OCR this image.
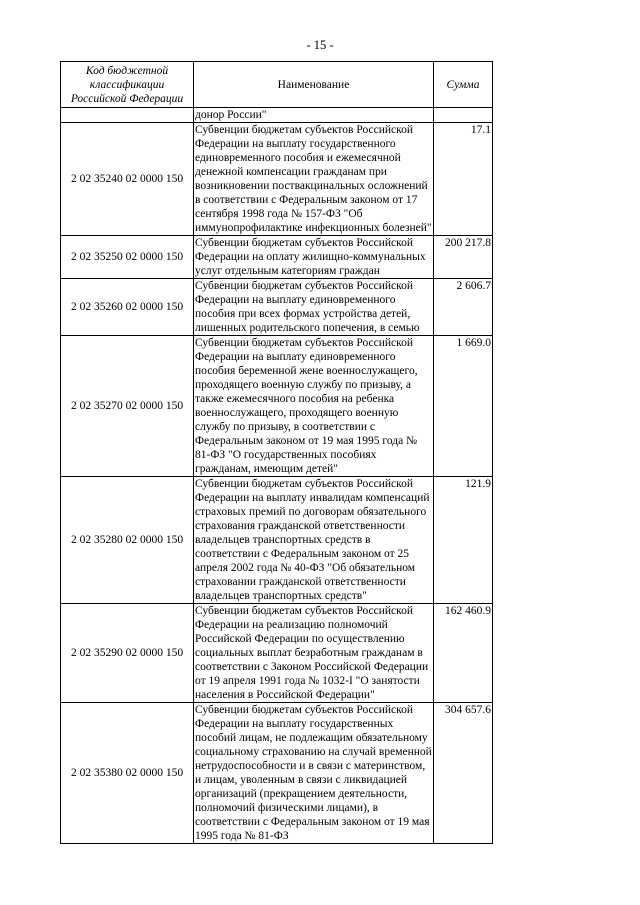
- 15 -
Код бюджетной классификации Российской Федерации	Наименование	Сумма
	донор России"	
2 02 35240 02 0000 150	Субвенции бюджетам субъектов Российской Федерации на выплату государственного единовременного пособия и ежемесячной денежной компенсации гражданам при возникновении поствакцинальных осложнений в соответствии с Федеральным законом от 17 сентября 1998 года № 157-ФЗ "Об иммунопрофилактике инфекционных болезней"	17.1
2 02 35250 02 0000 150	Субвенции бюджетам субъектов Российской Федерации на оплату жилищно-коммунальных услуг отдельным категориям граждан	200 217.8
2 02 35260 02 0000 150	Субвенции бюджетам субъектов Российской Федерации на выплату единовременного пособия при всех формах устройства детей, лишенных родительского попечения, в семью	2 606.7
2 02 35270 02 0000 150	Субвенции бюджетам субъектов Российской Федерации на выплату единовременного пособия беременной жене военнослужащего, проходящего военную службу по призыву, а также ежемесячного пособия на ребенка военнослужащего, проходящего военную службу по призыву, в соответствии с Федеральным законом от 19 мая 1995 года № 81-ФЗ "О государственных пособиях гражданам, имеющим детей"	1 669.0
2 02 35280 02 0000 150	Субвенции бюджетам субъектов Российской Федерации на выплату инвалидам компенсаций страховых премий по договорам обязательного страхования гражданской ответственности владельцев транспортных средств в соответствии с Федеральным законом от 25 апреля 2002 года № 40-ФЗ "Об обязательном страховании гражданской ответственности владельцев транспортных средств"	121.9
2 02 35290 02 0000 150	Субвенции бюджетам субъектов Российской Федерации на реализацию полномочий Российской Федерации по осуществлению социальных выплат безработным гражданам в соответствии с Законом Российской Федерации от 19 апреля 1991 года № 1032-I "О занятости населения в Российской Федерации"	162 460.9
2 02 35380 02 0000 150	Субвенции бюджетам субъектов Российской Федерации на выплату государственных пособий лицам, не подлежащим обязательному социальному страхованию на случай временной нетрудоспособности и в связи с материнством, и лицам, уволенным в связи с ликвидацией организаций (прекращением деятельности, полномочий физическими лицами), в соответствии с Федеральным законом от 19 мая 1995 года № 81-ФЗ	304 657.6
